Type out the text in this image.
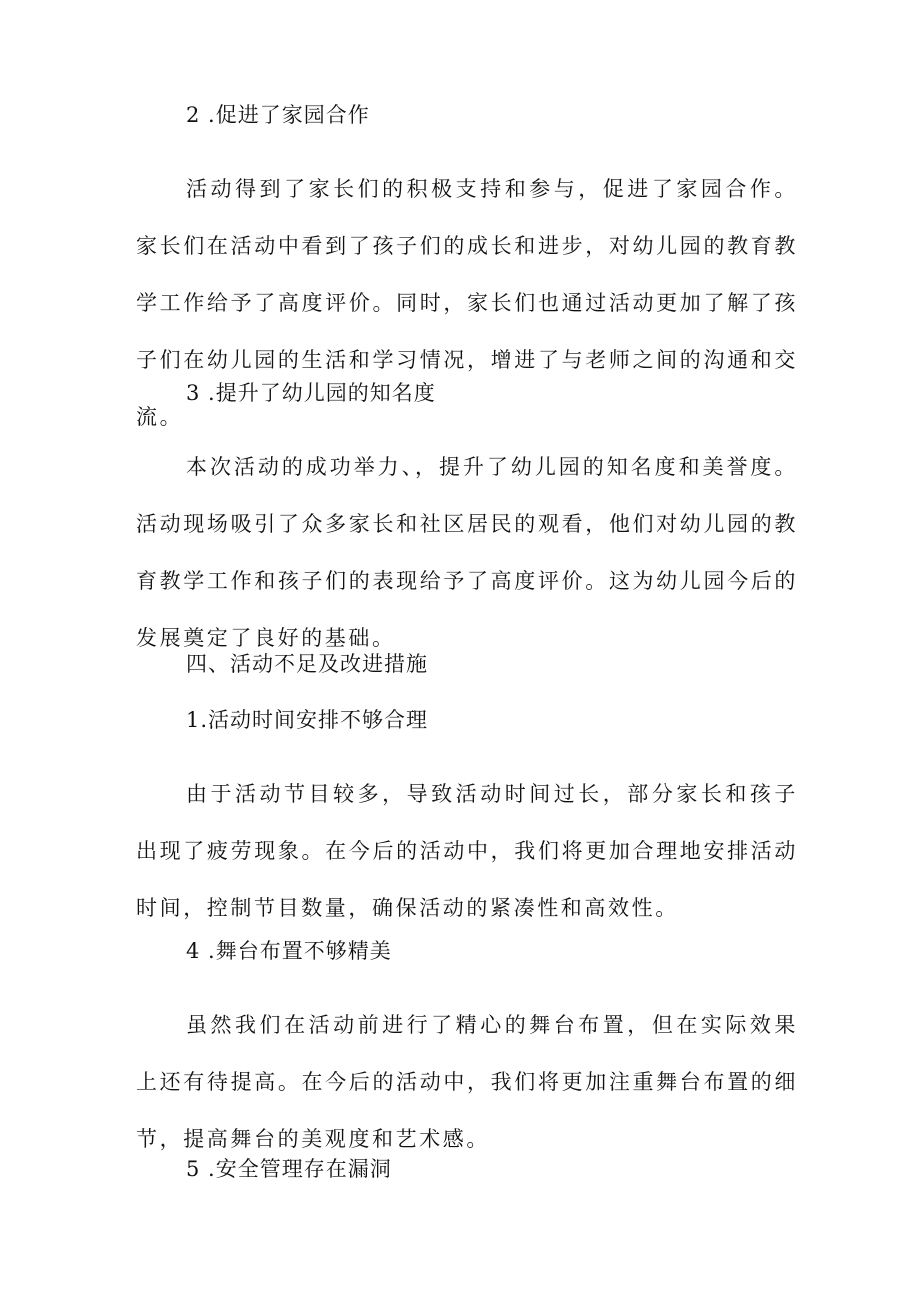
2 .促进了家园合作
活动得到了家长们的积极支持和参与，促进了家园合作。家长们在活动中看到了孩子们的成长和进步，对幼儿园的教育教学工作给予了高度评价。同时，家长们也通过活动更加了解了孩子们在幼儿园的生活和学习情况，增进了与老师之间的沟通和交流。
3 .提升了幼儿园的知名度
本次活动的成功举力、，提升了幼儿园的知名度和美誉度。活动现场吸引了众多家长和社区居民的观看，他们对幼儿园的教育教学工作和孩子们的表现给予了高度评价。这为幼儿园今后的发展奠定了良好的基础。
四、活动不足及改进措施
1.活动时间安排不够合理
由于活动节目较多，导致活动时间过长，部分家长和孩子出现了疲劳现象。在今后的活动中，我们将更加合理地安排活动时间，控制节目数量，确保活动的紧凑性和高效性。
4 .舞台布置不够精美
虽然我们在活动前进行了精心的舞台布置，但在实际效果上还有待提高。在今后的活动中，我们将更加注重舞台布置的细节，提高舞台的美观度和艺术感。
5 .安全管理存在漏洞
